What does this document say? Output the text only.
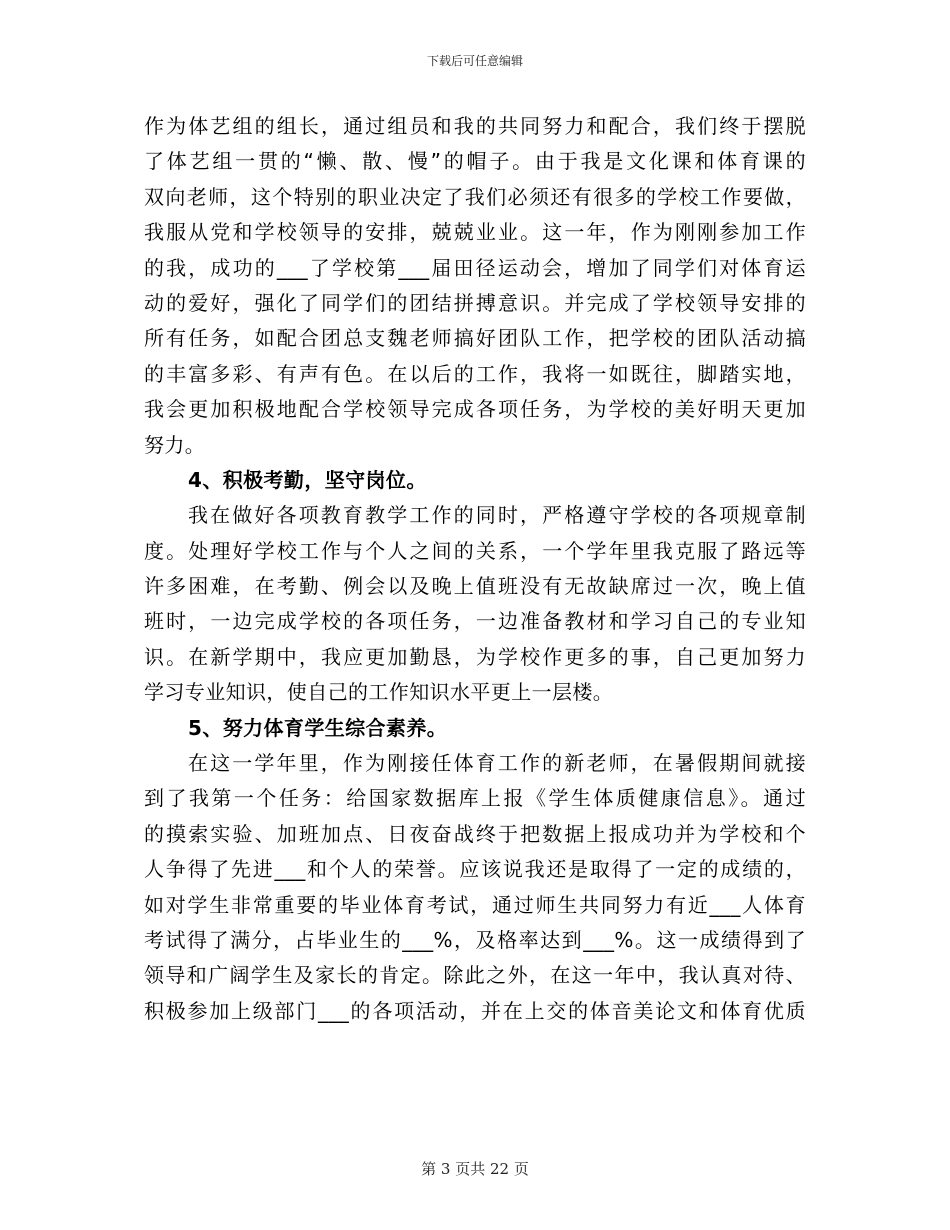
下载后可任意编辑
作为体艺组的组长，通过组员和我的共同努力和配合，我们终于摆脱
了体艺组一贯的“懒、散、慢”的帽子。由于我是文化课和体育课的
双向老师，这个特别的职业决定了我们必须还有很多的学校工作要做，
我服从党和学校领导的安排，兢兢业业。这一年，作为刚刚参加工作
的我，成功的___了学校第___届田径运动会，增加了同学们对体育运
动的爱好，强化了同学们的团结拼搏意识。并完成了学校领导安排的
所有任务，如配合团总支魏老师搞好团队工作，把学校的团队活动搞
的丰富多彩、有声有色。在以后的工作，我将一如既往，脚踏实地，
我会更加积极地配合学校领导完成各项任务，为学校的美好明天更加
努力。
4、积极考勤，坚守岗位。
我在做好各项教育教学工作的同时，严格遵守学校的各项规章制
度。处理好学校工作与个人之间的关系，一个学年里我克服了路远等
许多困难，在考勤、例会以及晚上值班没有无故缺席过一次，晚上值
班时，一边完成学校的各项任务，一边准备教材和学习自己的专业知
识。在新学期中，我应更加勤恳，为学校作更多的事，自己更加努力
学习专业知识，使自己的工作知识水平更上一层楼。
5、努力体育学生综合素养。
在这一学年里，作为刚接任体育工作的新老师，在暑假期间就接
到了我第一个任务：给国家数据库上报《学生体质健康信息》。通过
的摸索实验、加班加点、日夜奋战终于把数据上报成功并为学校和个
人争得了先进___和个人的荣誉。应该说我还是取得了一定的成绩的，
如对学生非常重要的毕业体育考试，通过师生共同努力有近___人体育
考试得了满分，占毕业生的___%，及格率达到___%。这一成绩得到了
领导和广阔学生及家长的肯定。除此之外，在这一年中，我认真对待、
积极参加上级部门___的各项活动，并在上交的体音美论文和体育优质
第 3 页共 22 页
